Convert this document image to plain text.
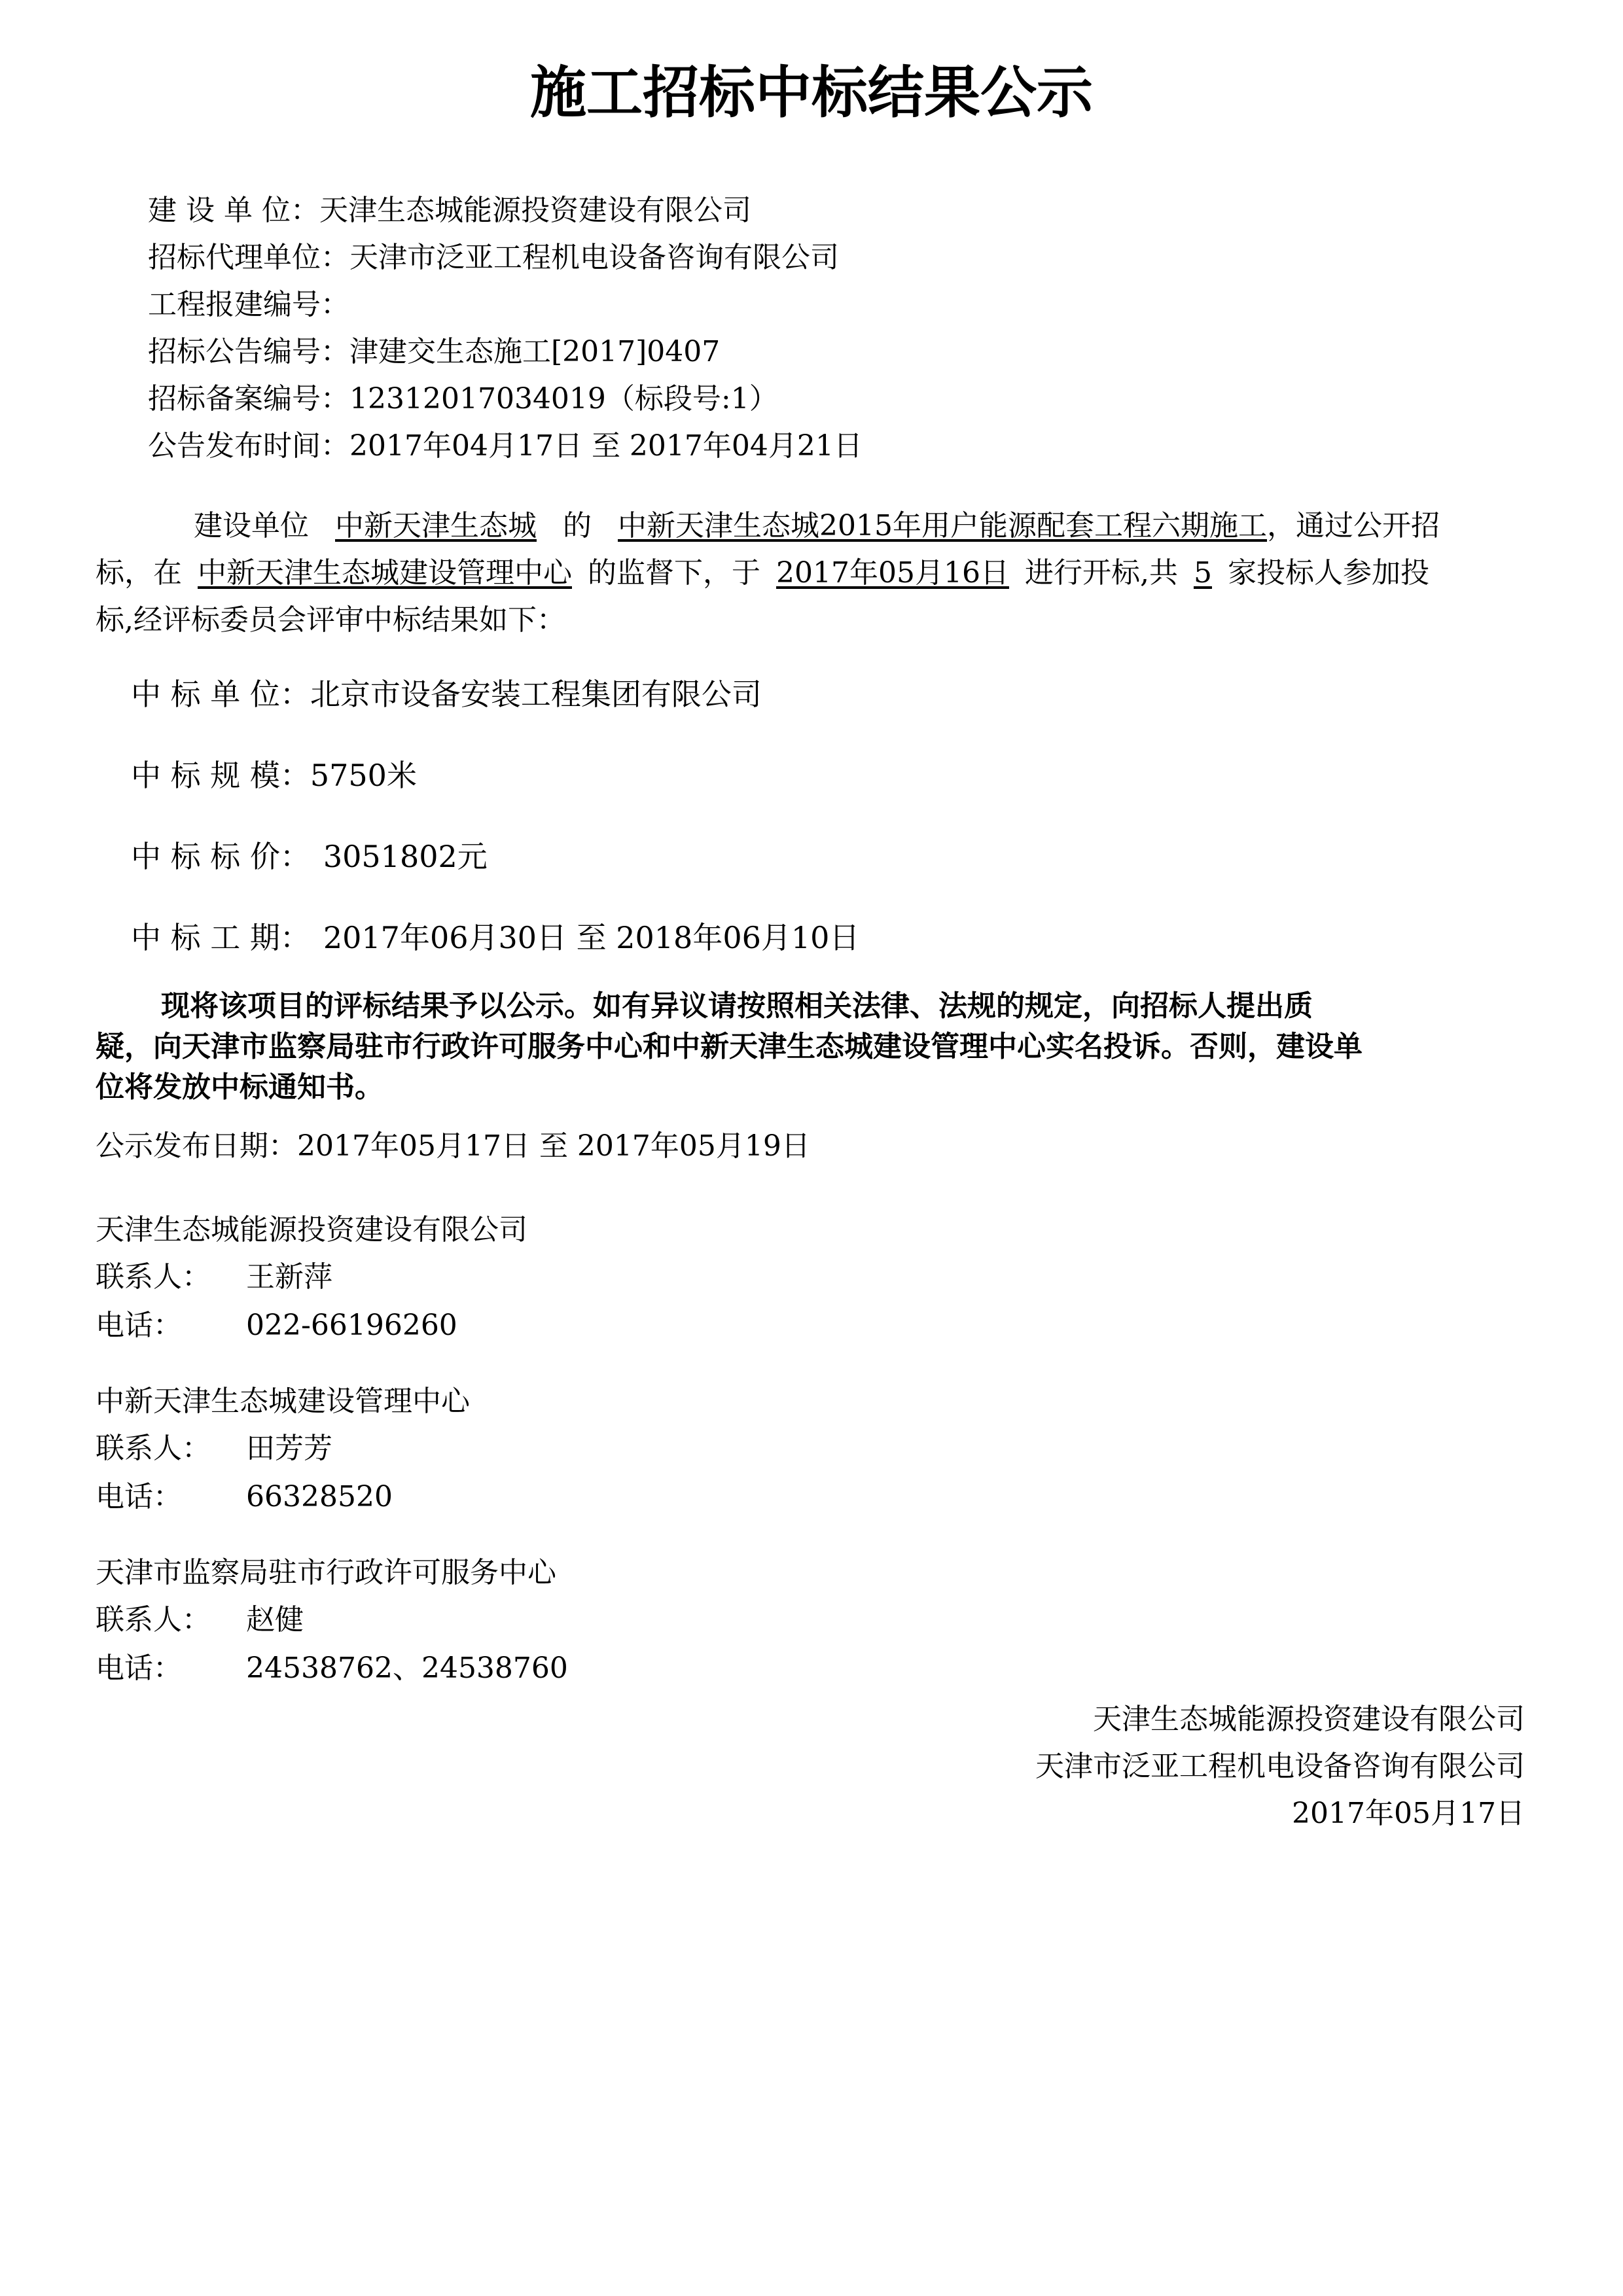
施工招标中标结果公示
建 设 单 位：天津生态城能源投资建设有限公司
招标代理单位：天津市泛亚工程机电设备咨询有限公司
工程报建编号：
招标公告编号：津建交生态施工[2017]0407
招标备案编号：12312017034019（标段号:1）
公告发布时间：2017年04月17日 至 2017年04月21日
建设单位 中新天津生态城 的 中新天津生态城2015年用户能源配套工程六期施工，通过公开招
标，在 中新天津生态城建设管理中心 的监督下，于 2017年05月16日 进行开标,共 5 家投标人参加投
标,经评标委员会评审中标结果如下：
中 标 单 位：北京市设备安装工程集团有限公司
中 标 规 模：5750米
中 标 标 价： 3051802元
中 标 工 期： 2017年06月30日 至 2018年06月10日
现将该项目的评标结果予以公示。如有异议请按照相关法律、法规的规定，向招标人提出质
疑，向天津市监察局驻市行政许可服务中心和中新天津生态城建设管理中心实名投诉。否则，建设单
位将发放中标通知书。
公示发布日期：2017年05月17日 至 2017年05月19日
天津生态城能源投资建设有限公司
联系人： 王新萍
电话： 022-66196260
中新天津生态城建设管理中心
联系人： 田芳芳
电话： 66328520
天津市监察局驻市行政许可服务中心
联系人： 赵健
电话： 24538762、24538760
天津生态城能源投资建设有限公司
天津市泛亚工程机电设备咨询有限公司
2017年05月17日
